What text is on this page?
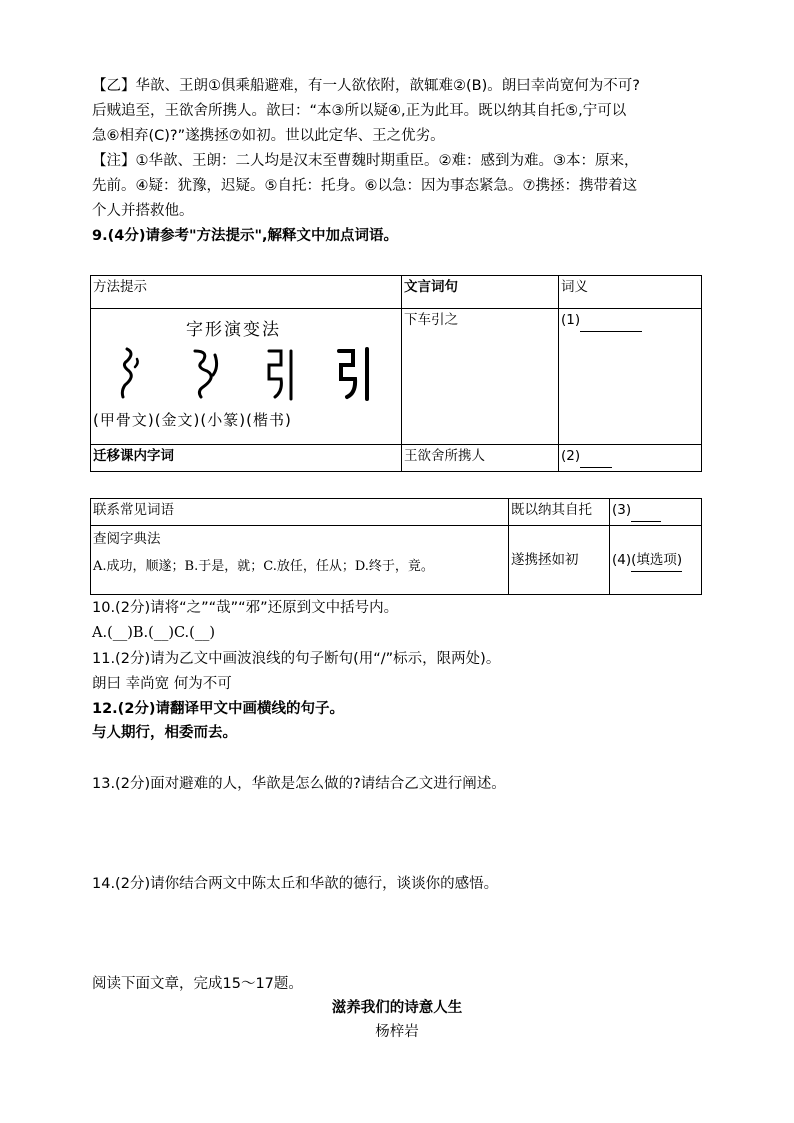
【乙】华歆、王朗①俱乘船避难，有一人欲依附，歆辄难②(B)。朗曰幸尚宽何为不可?
后贼追至，王欲舍所携人。歆曰：“本③所以疑④,正为此耳。既以纳其自托⑤,宁可以
急⑥相弃(C)?”遂携拯⑦如初。世以此定华、王之优劣。
【注】①华歆、王朗：二人均是汉末至曹魏时期重臣。②难：感到为难。③本：原来，
先前。④疑：犹豫，迟疑。⑤自托：托身。⑥以急：因为事态紧急。⑦携拯：携带着这
个人并搭救他。
9.(4分)请参考"方法提示",解释文中加点词语。
方法提示	文言词句	词义

字形演变法
(甲骨文)(金文)(小篆)(楷书)	下车引之	(1)

迁移课内字词	王欲舍所携人	(2)
联系常见词语	既以纳其自托	(3)

查阅字典法
A.成功，顺遂；B.于是，就；C.放任，任从；D.终于，竟。	遂携拯如初	(4)(填选项)
10.(2分)请将“之”“哉”“邪”还原到文中括号内。
A.(__)B.(__)C.(__)
11.(2分)请为乙文中画波浪线的句子断句(用“/”标示，限两处)。
朗曰 幸尚宽 何为不可
12.(2分)请翻译甲文中画横线的句子。
与人期行，相委而去。
13.(2分)面对避难的人，华歆是怎么做的?请结合乙文进行阐述。
14.(2分)请你结合两文中陈太丘和华歆的德行，谈谈你的感悟。
阅读下面文章，完成15～17题。
滋养我们的诗意人生
杨梓岩
